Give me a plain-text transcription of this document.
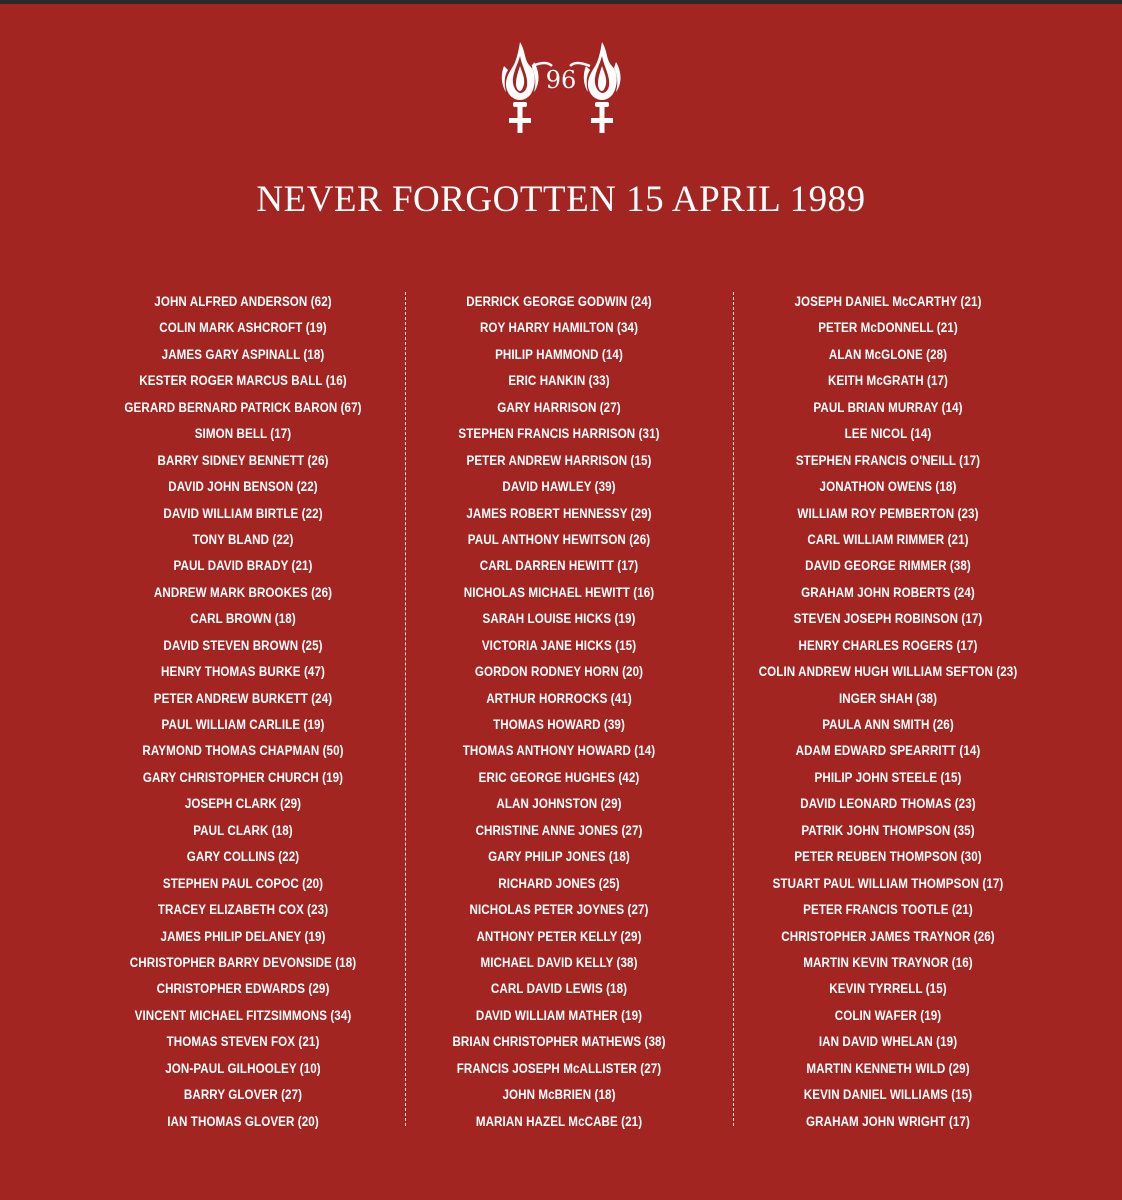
96
NEVER FORGOTTEN 15 APRIL 1989
JOHN ALFRED ANDERSON (62)
COLIN MARK ASHCROFT (19)
JAMES GARY ASPINALL (18)
KESTER ROGER MARCUS BALL (16)
GERARD BERNARD PATRICK BARON (67)
SIMON BELL (17)
BARRY SIDNEY BENNETT (26)
DAVID JOHN BENSON (22)
DAVID WILLIAM BIRTLE (22)
TONY BLAND (22)
PAUL DAVID BRADY (21)
ANDREW MARK BROOKES (26)
CARL BROWN (18)
DAVID STEVEN BROWN (25)
HENRY THOMAS BURKE (47)
PETER ANDREW BURKETT (24)
PAUL WILLIAM CARLILE (19)
RAYMOND THOMAS CHAPMAN (50)
GARY CHRISTOPHER CHURCH (19)
JOSEPH CLARK (29)
PAUL CLARK (18)
GARY COLLINS (22)
STEPHEN PAUL COPOC (20)
TRACEY ELIZABETH COX (23)
JAMES PHILIP DELANEY (19)
CHRISTOPHER BARRY DEVONSIDE (18)
CHRISTOPHER EDWARDS (29)
VINCENT MICHAEL FITZSIMMONS (34)
THOMAS STEVEN FOX (21)
JON-PAUL GILHOOLEY (10)
BARRY GLOVER (27)
IAN THOMAS GLOVER (20)
DERRICK GEORGE GODWIN (24)
ROY HARRY HAMILTON (34)
PHILIP HAMMOND (14)
ERIC HANKIN (33)
GARY HARRISON (27)
STEPHEN FRANCIS HARRISON (31)
PETER ANDREW HARRISON (15)
DAVID HAWLEY (39)
JAMES ROBERT HENNESSY (29)
PAUL ANTHONY HEWITSON (26)
CARL DARREN HEWITT (17)
NICHOLAS MICHAEL HEWITT (16)
SARAH LOUISE HICKS (19)
VICTORIA JANE HICKS (15)
GORDON RODNEY HORN (20)
ARTHUR HORROCKS (41)
THOMAS HOWARD (39)
THOMAS ANTHONY HOWARD (14)
ERIC GEORGE HUGHES (42)
ALAN JOHNSTON (29)
CHRISTINE ANNE JONES (27)
GARY PHILIP JONES (18)
RICHARD JONES (25)
NICHOLAS PETER JOYNES (27)
ANTHONY PETER KELLY (29)
MICHAEL DAVID KELLY (38)
CARL DAVID LEWIS (18)
DAVID WILLIAM MATHER (19)
BRIAN CHRISTOPHER MATHEWS (38)
FRANCIS JOSEPH McALLISTER (27)
JOHN McBRIEN (18)
MARIAN HAZEL McCABE (21)
JOSEPH DANIEL McCARTHY (21)
PETER McDONNELL (21)
ALAN McGLONE (28)
KEITH McGRATH (17)
PAUL BRIAN MURRAY (14)
LEE NICOL (14)
STEPHEN FRANCIS O'NEILL (17)
JONATHON OWENS (18)
WILLIAM ROY PEMBERTON (23)
CARL WILLIAM RIMMER (21)
DAVID GEORGE RIMMER (38)
GRAHAM JOHN ROBERTS (24)
STEVEN JOSEPH ROBINSON (17)
HENRY CHARLES ROGERS (17)
COLIN ANDREW HUGH WILLIAM SEFTON (23)
INGER SHAH (38)
PAULA ANN SMITH (26)
ADAM EDWARD SPEARRITT (14)
PHILIP JOHN STEELE (15)
DAVID LEONARD THOMAS (23)
PATRIK JOHN THOMPSON (35)
PETER REUBEN THOMPSON (30)
STUART PAUL WILLIAM THOMPSON (17)
PETER FRANCIS TOOTLE (21)
CHRISTOPHER JAMES TRAYNOR (26)
MARTIN KEVIN TRAYNOR (16)
KEVIN TYRRELL (15)
COLIN WAFER (19)
IAN DAVID WHELAN (19)
MARTIN KENNETH WILD (29)
KEVIN DANIEL WILLIAMS (15)
GRAHAM JOHN WRIGHT (17)
